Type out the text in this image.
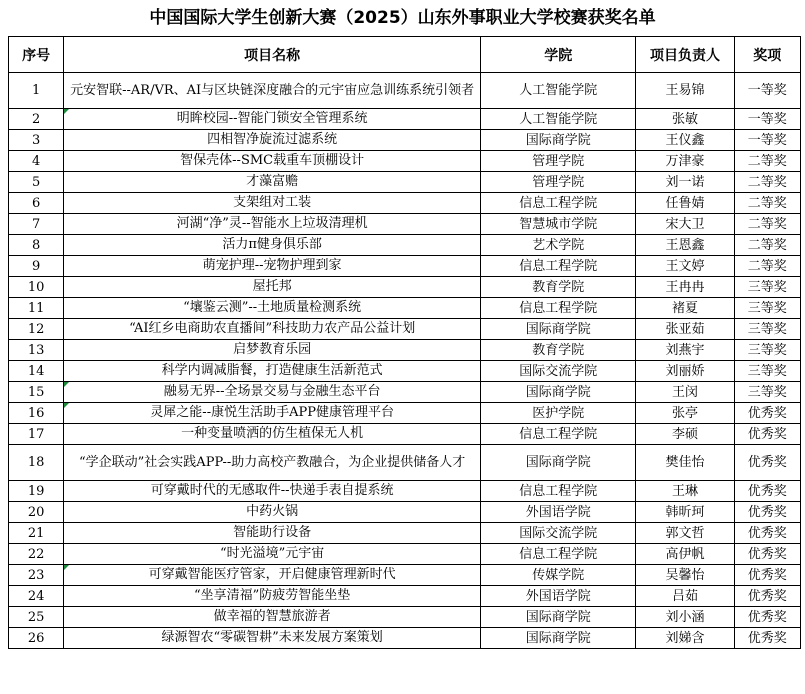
中国国际大学生创新大赛（2025）山东外事职业大学校赛获奖名单
序号	项目名称	学院	项目负责人	奖项
1	元安智联--AR/VR、AI与区块链深度融合的元宇宙应急训练系统引领者	人工智能学院	王易锦	一等奖
2	明眸校园--智能门锁安全管理系统	人工智能学院	张敏	一等奖
3	四相智净旋流过滤系统	国际商学院	王仪鑫	一等奖
4	智保壳体--SMC载重车顶棚设计	管理学院	万津豪	二等奖
5	才藻富赡	管理学院	刘一诺	二等奖
6	支架组对工装	信息工程学院	任鲁婧	二等奖
7	河湖“净”灵--智能水上垃圾清理机	智慧城市学院	宋大卫	二等奖
8	活力π健身俱乐部	艺术学院	王恩鑫	二等奖
9	萌宠护理--宠物护理到家	信息工程学院	王文婷	二等奖
10	屋托邦	教育学院	王冉冉	三等奖
11	“壤鉴云测”--土地质量检测系统	信息工程学院	褚夏	三等奖
12	“AI红乡电商助农直播间”科技助力农产品公益计划	国际商学院	张亚茹	三等奖
13	启梦教育乐园	教育学院	刘燕宇	三等奖
14	科学内调减脂餐，打造健康生活新范式	国际交流学院	刘丽娇	三等奖
15	融易无界--全场景交易与金融生态平台	国际商学院	王闵	三等奖
16	灵犀之能--康悦生活助手APP健康管理平台	医护学院	张亭	优秀奖
17	一种变量喷洒的仿生植保无人机	信息工程学院	李硕	优秀奖
18	“学企联动”社会实践APP--助力高校产教融合，为企业提供储备人才	国际商学院	樊佳怡	优秀奖
19	可穿戴时代的无感取件--快递手表自提系统	信息工程学院	王琳	优秀奖
20	中药火锅	外国语学院	韩昕珂	优秀奖
21	智能助行设备	国际交流学院	郭文哲	优秀奖
22	“时光溢境”元宇宙	信息工程学院	高伊帆	优秀奖
23	可穿戴智能医疗管家，开启健康管理新时代	传媒学院	吴馨怡	优秀奖
24	“坐享清福”防疲劳智能坐垫	外国语学院	吕茹	优秀奖
25	做幸福的智慧旅游者	国际商学院	刘小涵	优秀奖
26	绿源智农“零碳智耕”未来发展方案策划	国际商学院	刘娣含	优秀奖
